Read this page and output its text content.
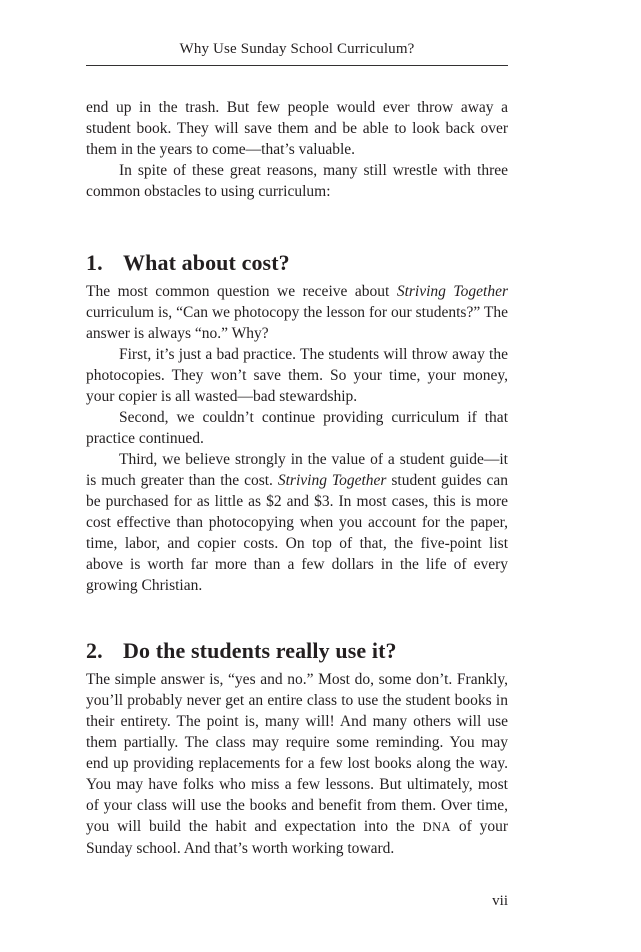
Why Use Sunday School Curriculum?

end up in the trash. But few people would ever throw away a student book. They will save them and be able to look back over them in the years to come—that’s valuable.

In spite of these great reasons, many still wrestle with three common obstacles to using curriculum:

1. What about cost?

The most common question we receive about Striving Together curriculum is, “Can we photocopy the lesson for our students?” The answer is always “no.” Why?

First, it’s just a bad practice. The students will throw away the photocopies. They won’t save them. So your time, your money, your copier is all wasted—bad stewardship.

Second, we couldn’t continue providing curriculum if that practice continued.

Third, we believe strongly in the value of a student guide—it is much greater than the cost. Striving Together student guides can be purchased for as little as $2 and $3. In most cases, this is more cost effective than photocopying when you account for the paper, time, labor, and copier costs. On top of that, the five-point list above is worth far more than a few dollars in the life of every growing Christian.

2. Do the students really use it?

The simple answer is, “yes and no.” Most do, some don’t. Frankly, you’ll probably never get an entire class to use the student books in their entirety. The point is, many will! And many others will use them partially. The class may require some reminding. You may end up providing replacements for a few lost books along the way. You may have folks who miss a few lessons. But ultimately, most of your class will use the books and benefit from them. Over time, you will build the habit and expectation into the DNA of your Sunday school. And that’s worth working toward.

vii
